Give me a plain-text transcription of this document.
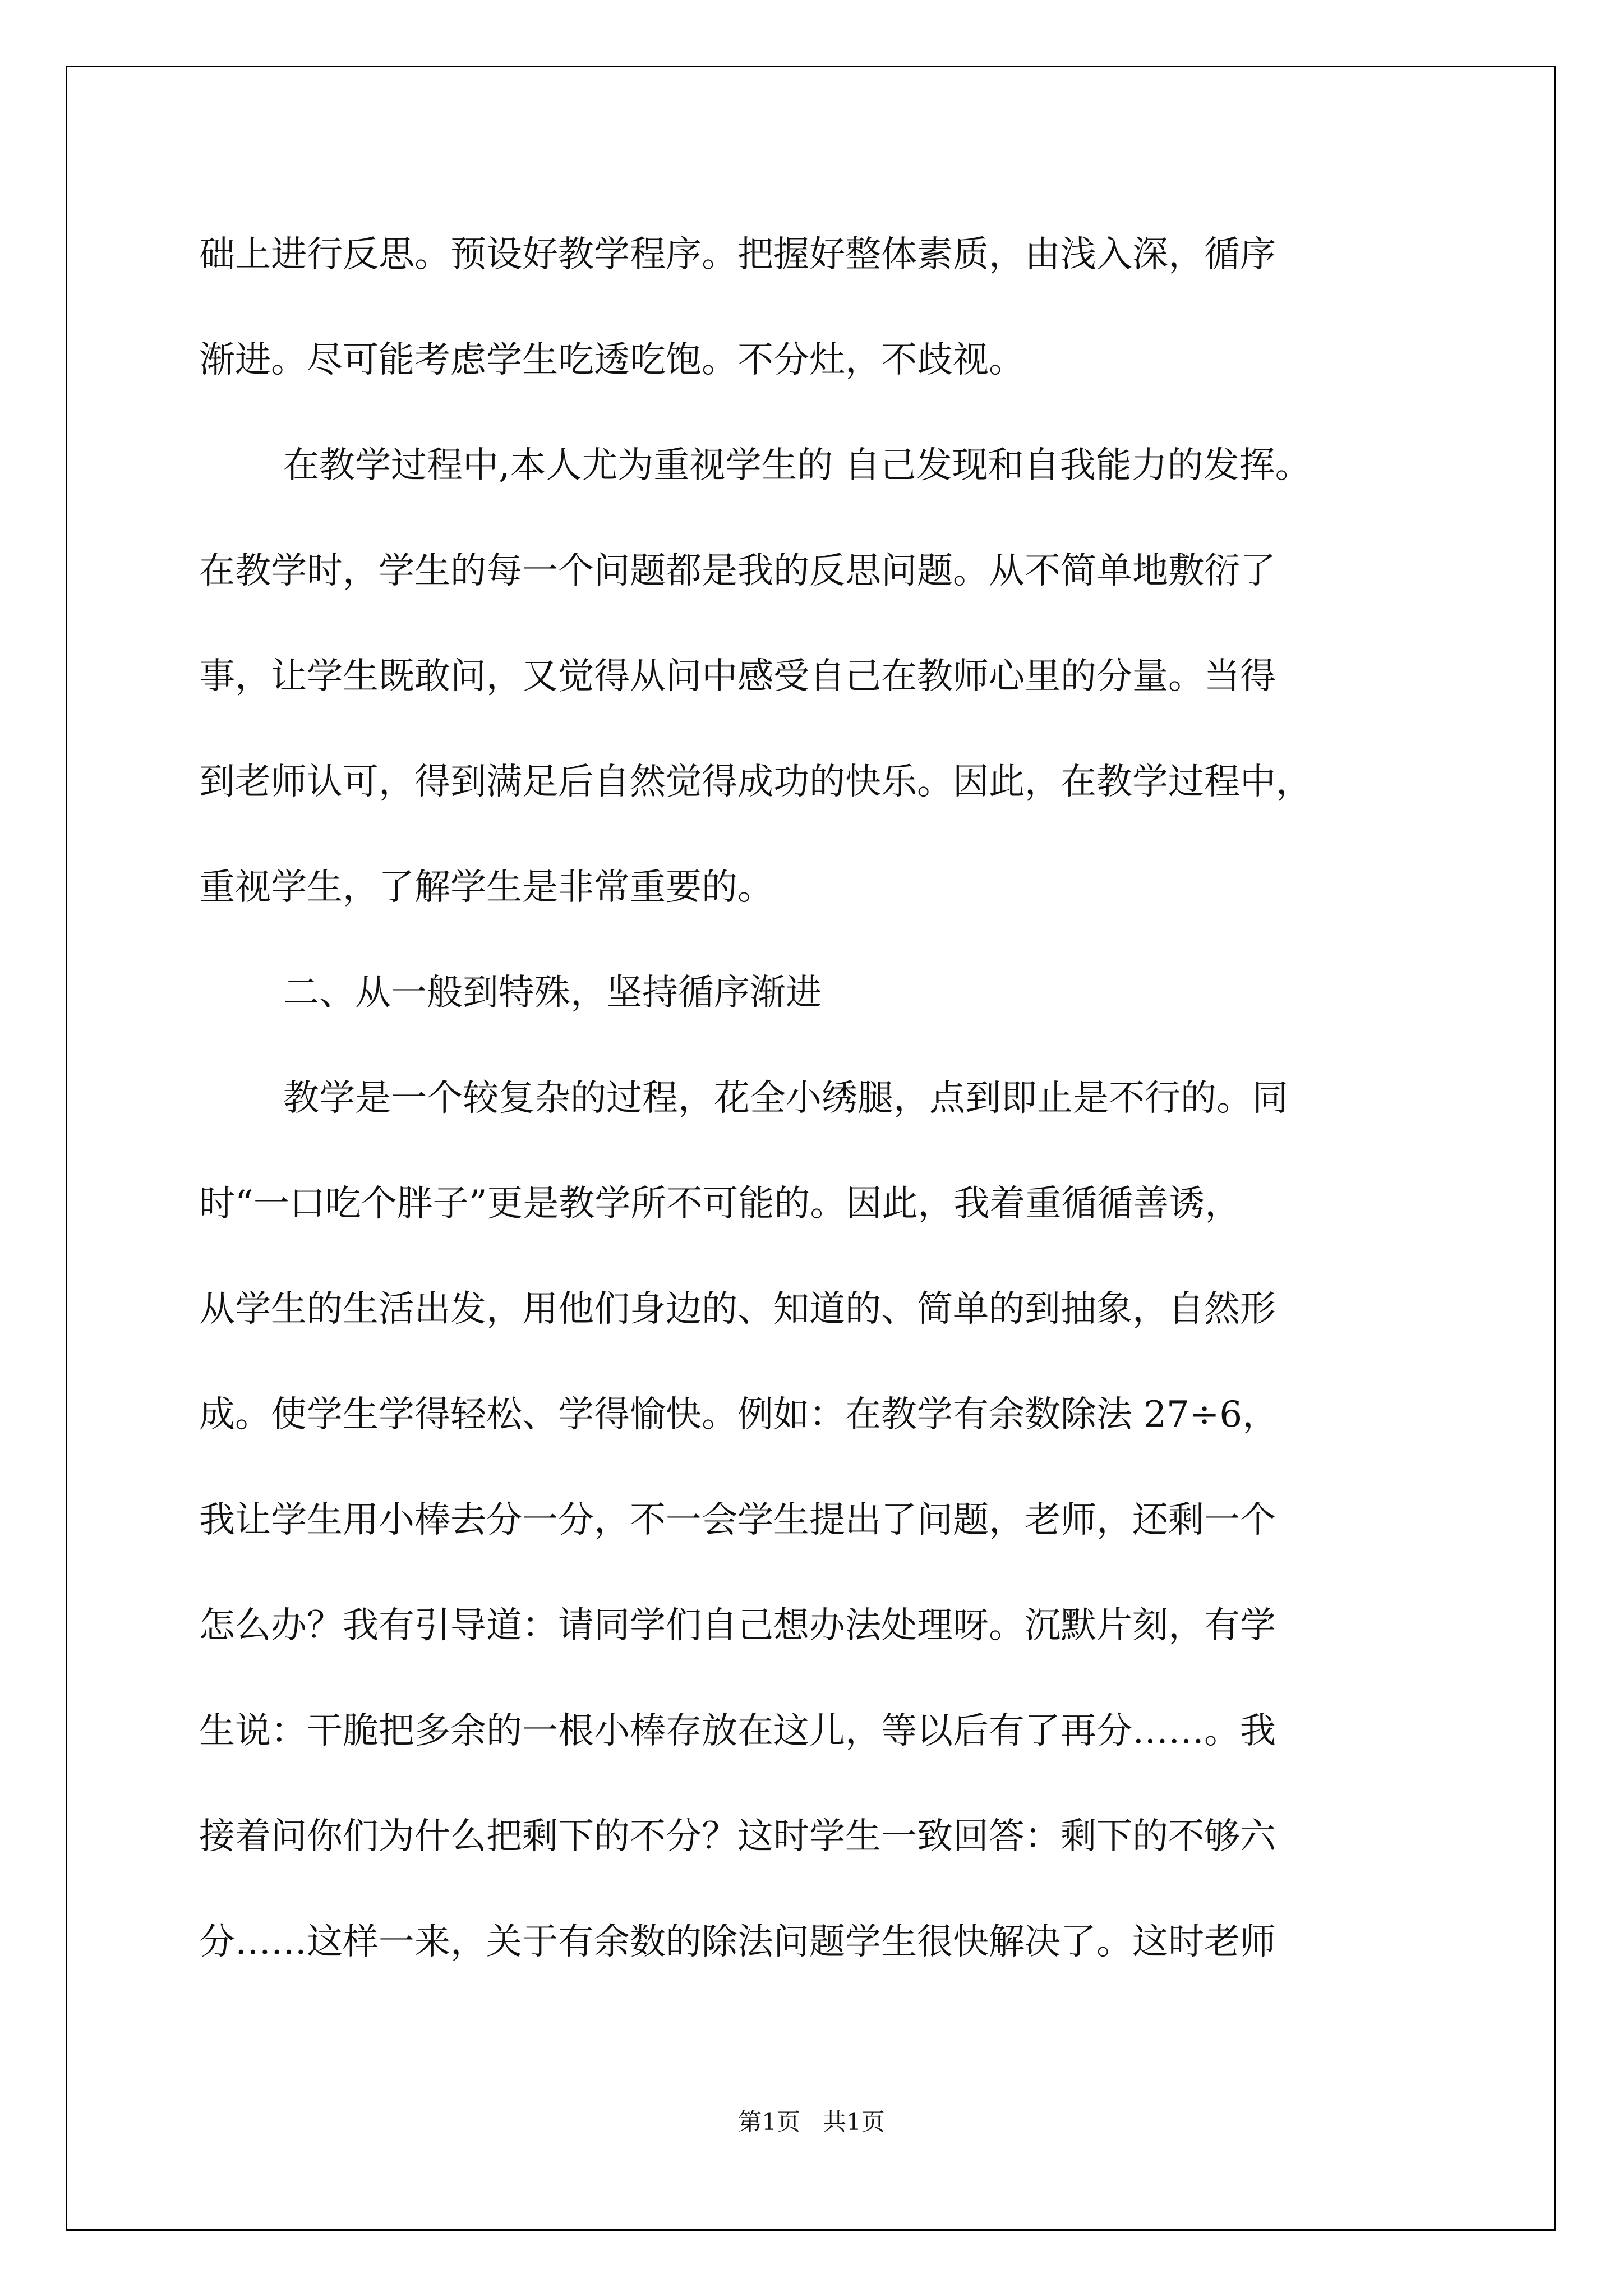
础上进行反思。预设好教学程序。把握好整体素质，由浅入深，循序
渐进。尽可能考虑学生吃透吃饱。不分灶，不歧视。
在教学过程中,本人尤为重视学生的 自己发现和自我能力的发挥。
在教学时，学生的每一个问题都是我的反思问题。从不简单地敷衍了
事，让学生既敢问，又觉得从问中感受自己在教师心里的分量。当得
到老师认可，得到满足后自然觉得成功的快乐。因此，在教学过程中，
重视学生，了解学生是非常重要的。
二、从一般到特殊，坚持循序渐进
教学是一个较复杂的过程，花全小绣腿，点到即止是不行的。同
时“一口吃个胖子”更是教学所不可能的。因此，我着重循循善诱，
从学生的生活出发，用他们身边的、知道的、简单的到抽象，自然形
成。使学生学得轻松、学得愉快。例如：在教学有余数除法 27÷6，
我让学生用小棒去分一分，不一会学生提出了问题，老师，还剩一个
怎么办？我有引导道：请同学们自己想办法处理呀。沉默片刻，有学
生说：干脆把多余的一根小棒存放在这儿，等以后有了再分……。我
接着问你们为什么把剩下的不分？这时学生一致回答：剩下的不够六
分……这样一来，关于有余数的除法问题学生很快解决了。这时老师
第1页   共1页
